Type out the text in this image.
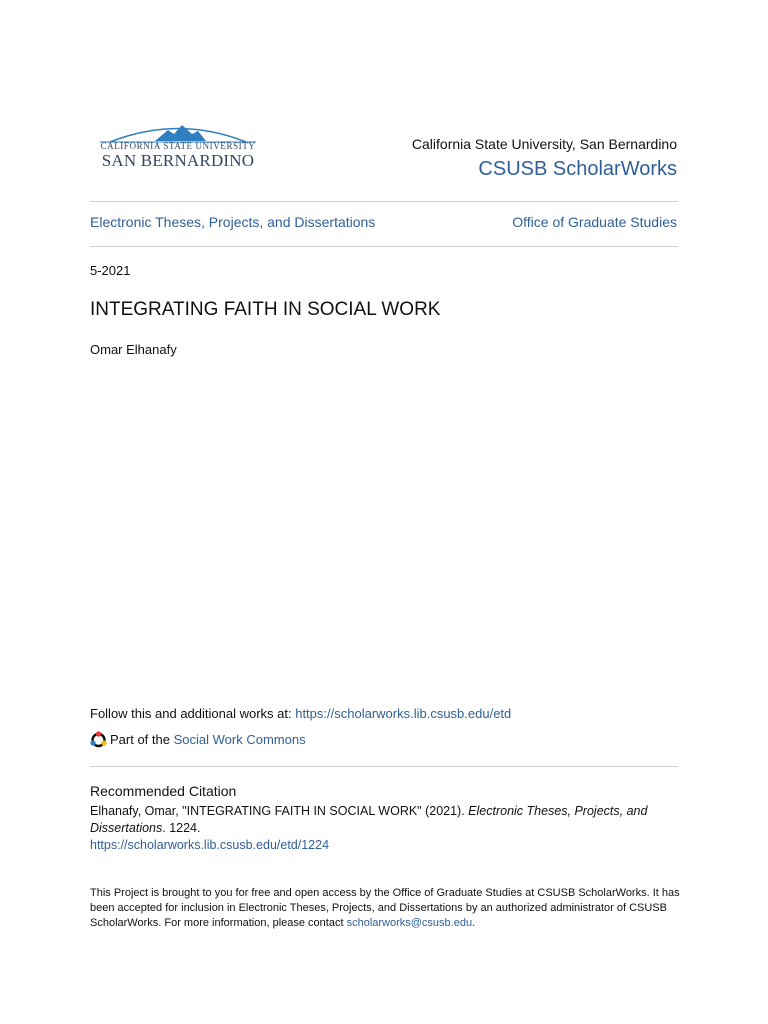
CALIFORNIA STATE UNIVERSITY
SAN BERNARDINO
California State University, San Bernardino
CSUSB ScholarWorks
Electronic Theses, Projects, and Dissertations	Office of Graduate Studies
5-2021
INTEGRATING FAITH IN SOCIAL WORK
Omar Elhanafy
Follow this and additional works at: https://scholarworks.lib.csusb.edu/etd
Part of the
Social Work Commons
Recommended Citation
Elhanafy, Omar, "INTEGRATING FAITH IN SOCIAL WORK" (2021). Electronic Theses, Projects, and Dissertations. 1224.
https://scholarworks.lib.csusb.edu/etd/1224
This Project is brought to you for free and open access by the Office of Graduate Studies at CSUSB ScholarWorks. It has been accepted for inclusion in Electronic Theses, Projects, and Dissertations by an authorized administrator of CSUSB ScholarWorks. For more information, please contact scholarworks@csusb.edu.
